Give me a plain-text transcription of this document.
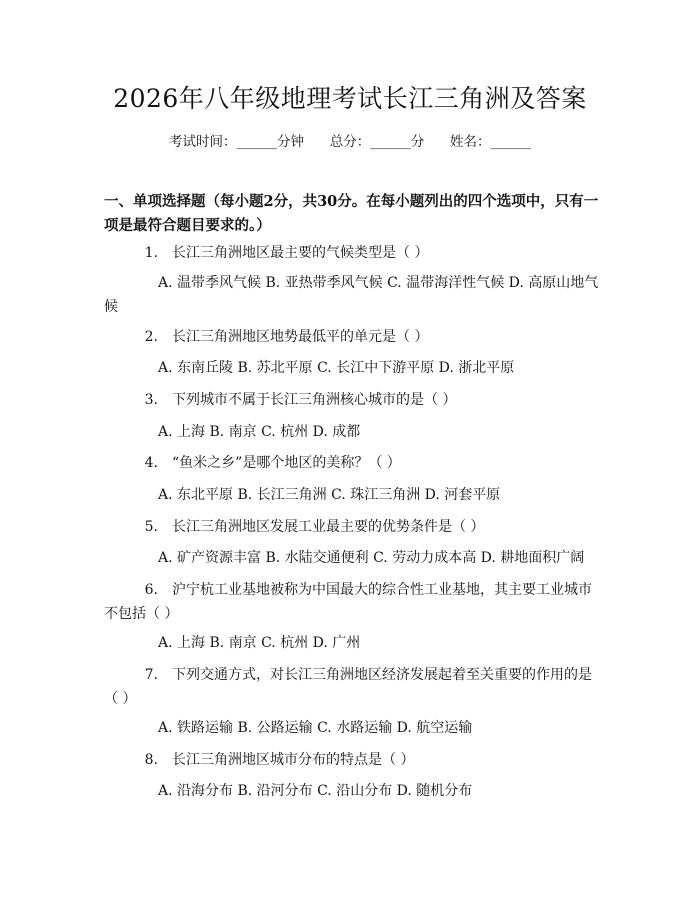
2026年八年级地理考试长江三角洲及答案
考试时间：______分钟      总分：______分      姓名：______
一、单项选择题（每小题2分，共30分。在每小题列出的四个选项中，只有一项是最符合题目要求的。）
1. 长江三角洲地区最主要的气候类型是（ ）
A. 温带季风气候 B. 亚热带季风气候 C. 温带海洋性气候 D. 高原山地气候
2. 长江三角洲地区地势最低平的单元是（ ）
A. 东南丘陵 B. 苏北平原 C. 长江中下游平原 D. 浙北平原
3. 下列城市不属于长江三角洲核心城市的是（ ）
A. 上海 B. 南京 C. 杭州 D. 成都
4. “鱼米之乡”是哪个地区的美称？（ ）
A. 东北平原 B. 长江三角洲 C. 珠江三角洲 D. 河套平原
5. 长江三角洲地区发展工业最主要的优势条件是（ ）
A. 矿产资源丰富 B. 水陆交通便利 C. 劳动力成本高 D. 耕地面积广阔
6. 沪宁杭工业基地被称为中国最大的综合性工业基地，其主要工业城市不包括（ ）
A. 上海 B. 南京 C. 杭州 D. 广州
7. 下列交通方式，对长江三角洲地区经济发展起着至关重要的作用的是（ ）
A. 铁路运输 B. 公路运输 C. 水路运输 D. 航空运输
8. 长江三角洲地区城市分布的特点是（ ）
A. 沿海分布 B. 沿河分布 C. 沿山分布 D. 随机分布
